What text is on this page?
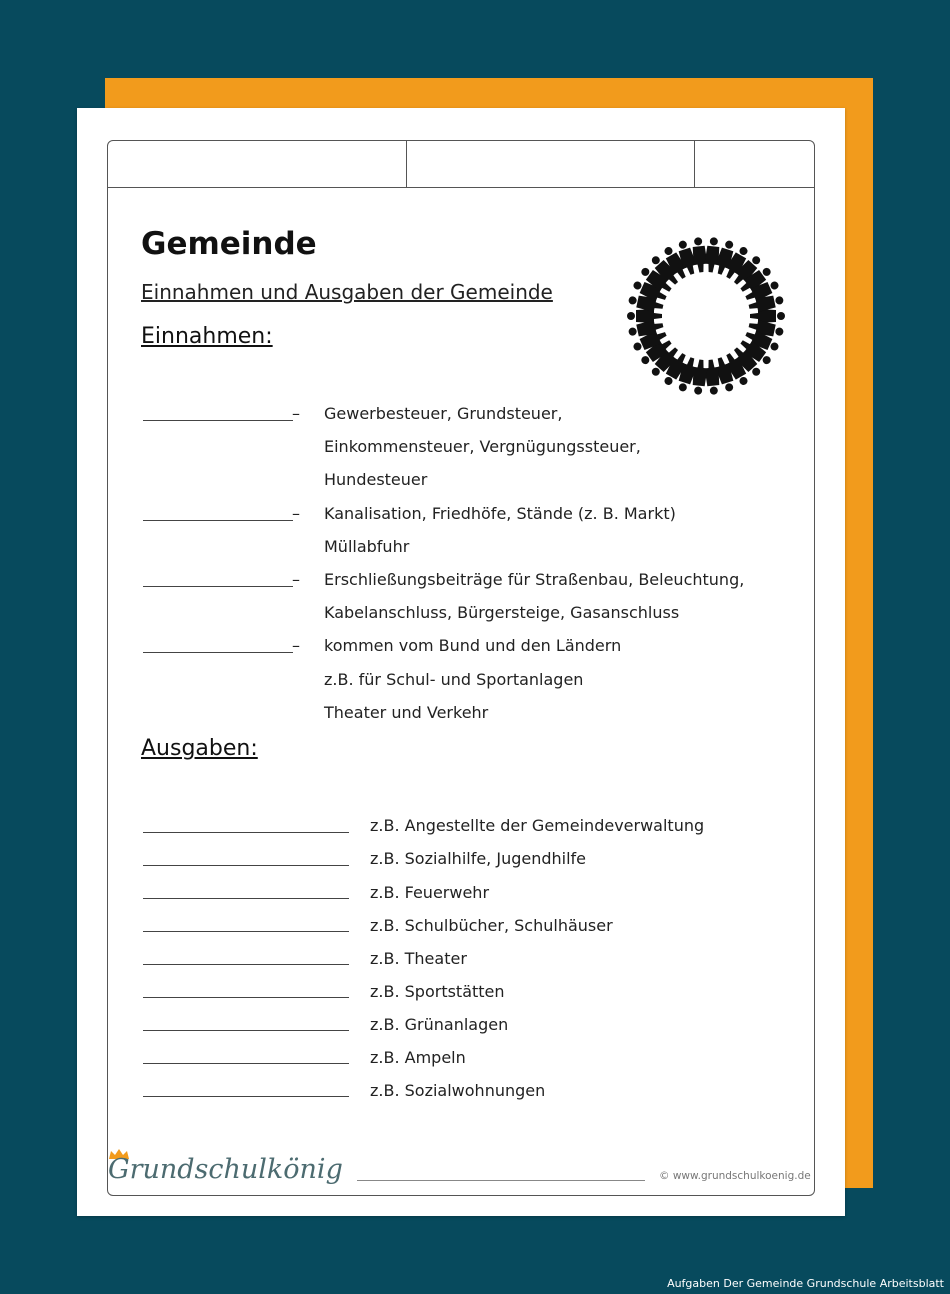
Gemeinde
Einnahmen und Ausgaben der Gemeinde
Einnahmen:
– Gewerbesteuer, Grundsteuer,
Einkommensteuer, Vergnügungssteuer,
Hundesteuer
– Kanalisation, Friedhöfe, Stände (z. B. Markt)
Müllabfuhr
– Erschließungsbeiträge für Straßenbau, Beleuchtung,
Kabelanschluss, Bürgersteige, Gasanschluss
– kommen vom Bund und den Ländern
z.B. für Schul- und Sportanlagen
Theater und Verkehr
Ausgaben:
z.B. Angestellte der Gemeindeverwaltung
z.B. Sozialhilfe, Jugendhilfe
z.B. Feuerwehr
z.B. Schulbücher, Schulhäuser
z.B. Theater
z.B. Sportstätten
z.B. Grünanlagen
z.B. Ampeln
z.B. Sozialwohnungen
Grundschulkönig	© www.grundschulkoenig.de
Aufgaben Der Gemeinde Grundschule Arbeitsblatt
